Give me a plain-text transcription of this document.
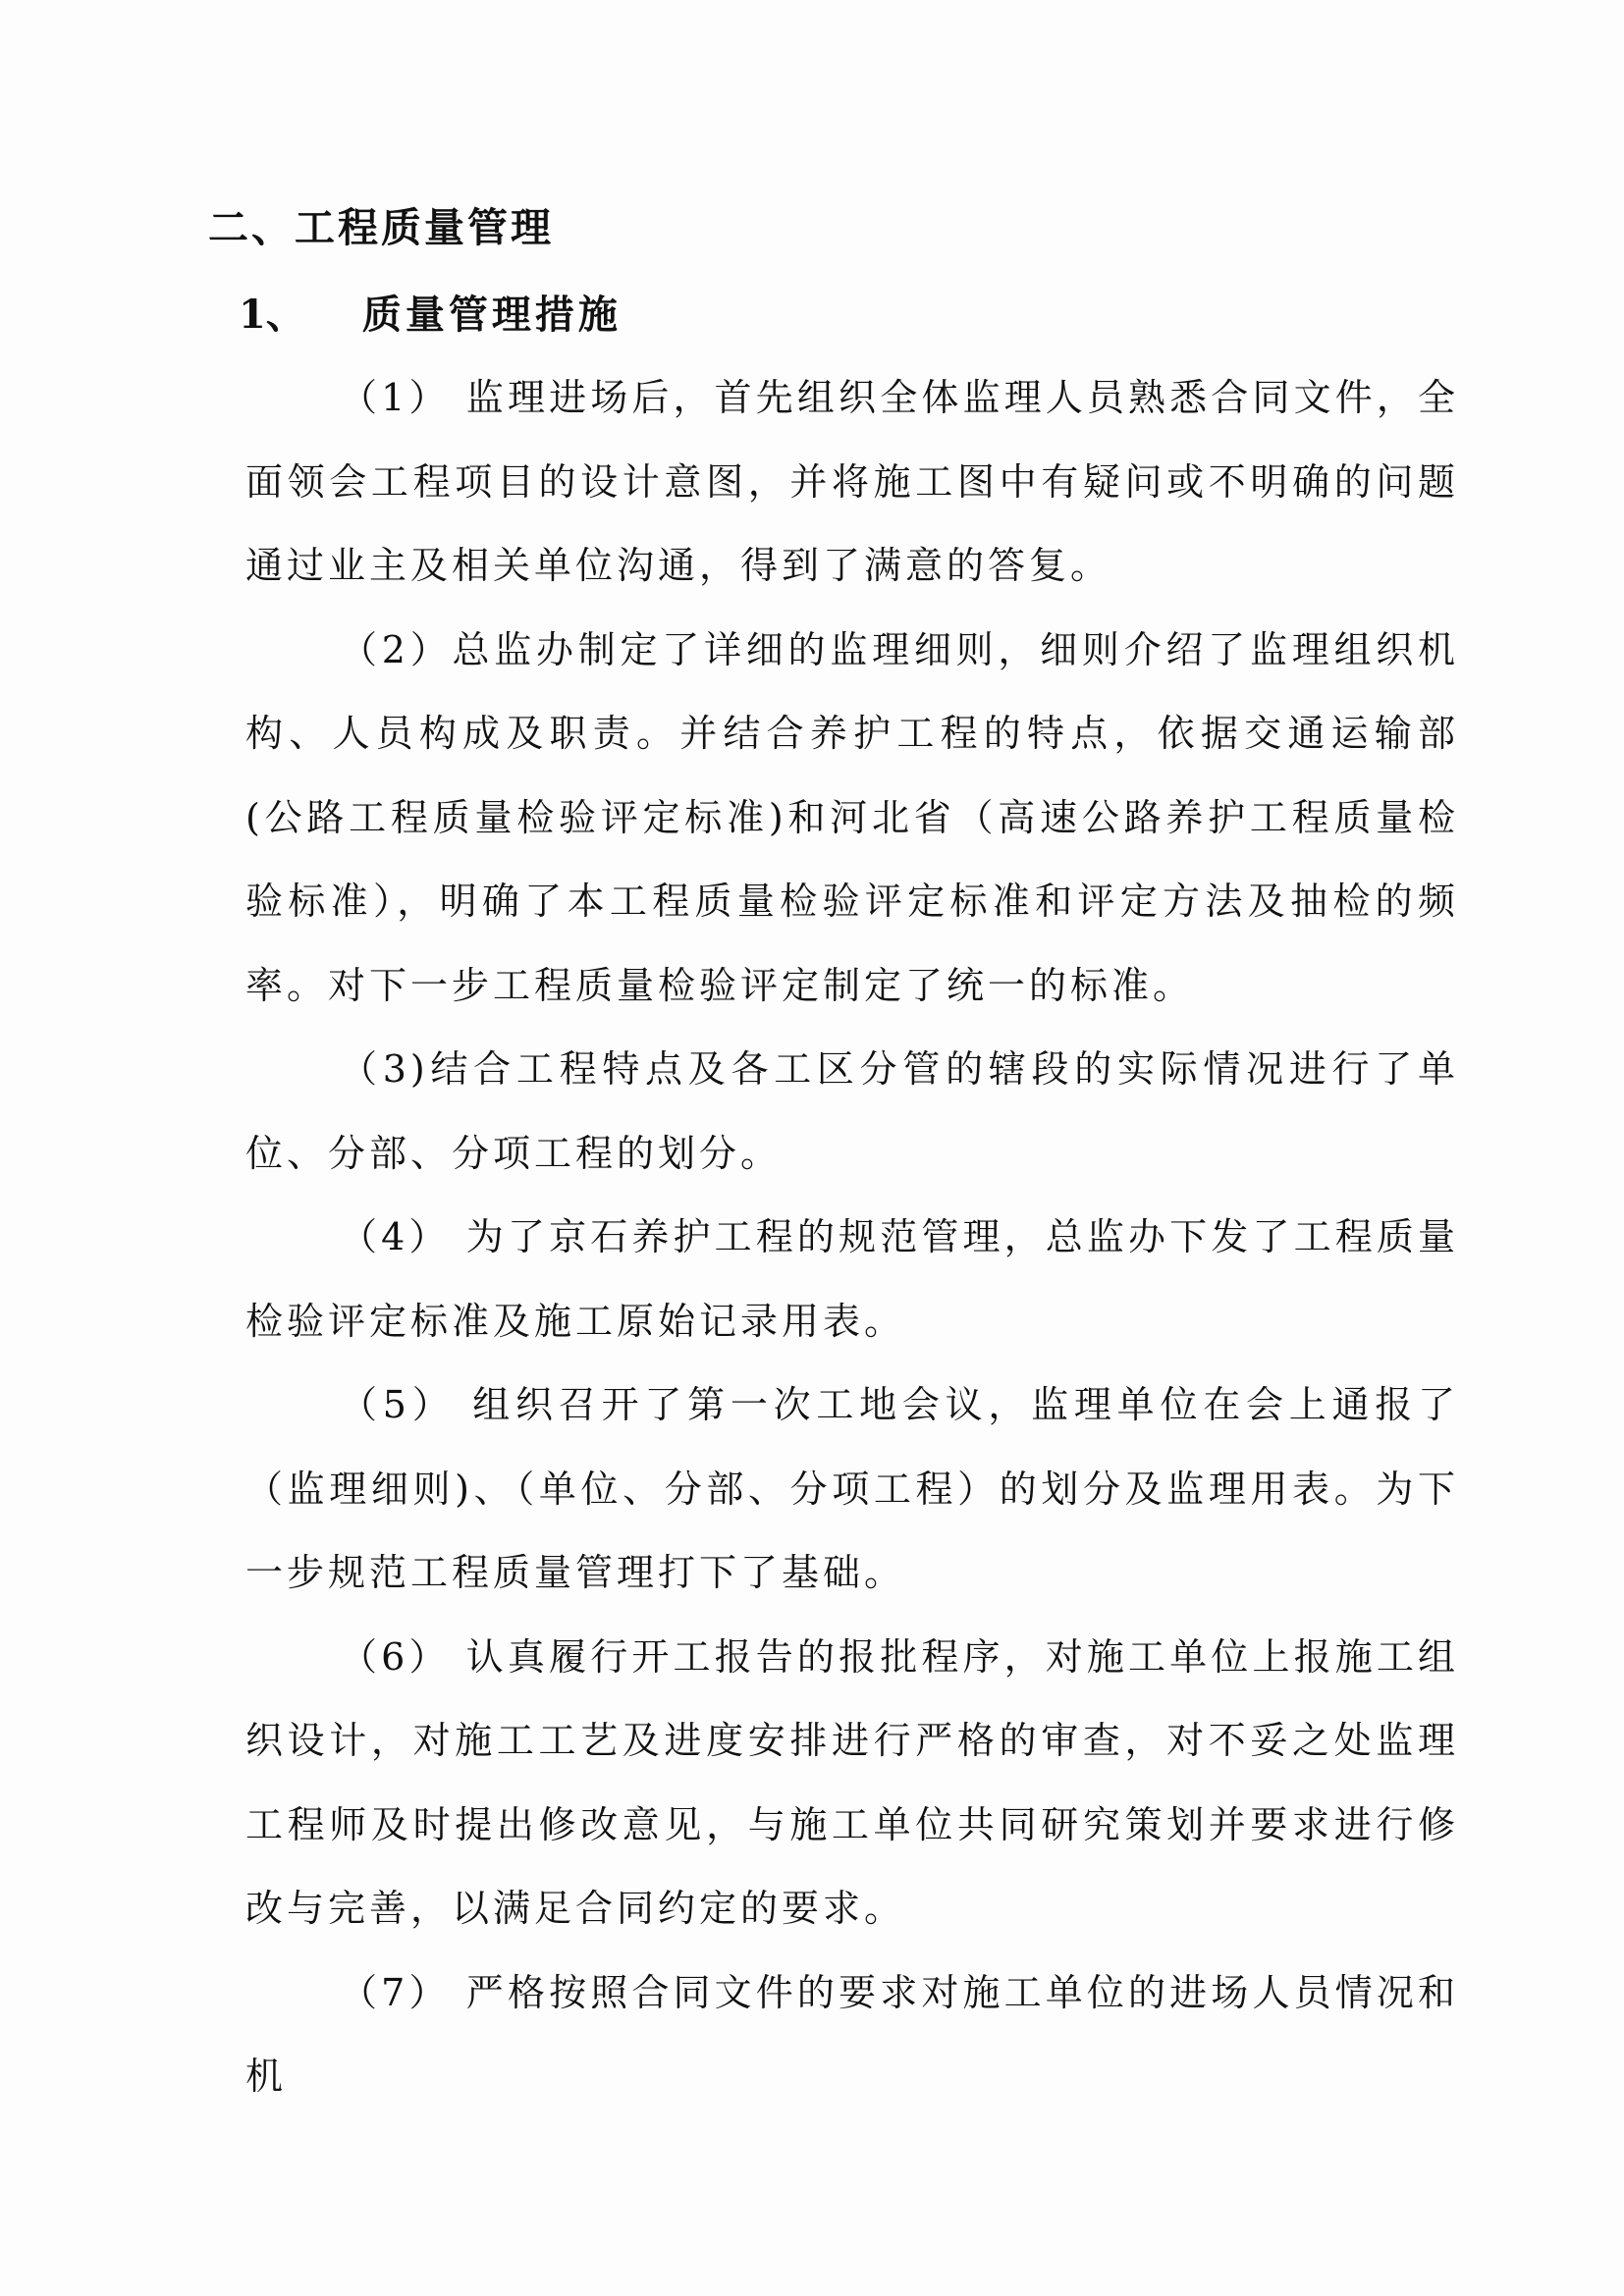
二、工程质量管理
1、 质量管理措施

（1） 监理进场后，首先组织全体监理人员熟悉合同文件，全面领会工程项目的设计意图，并将施工图中有疑问或不明确的问题通过业主及相关单位沟通，得到了满意的答复。

（2）总监办制定了详细的监理细则，细则介绍了监理组织机构、人员构成及职责。并结合养护工程的特点，依据交通运输部(公路工程质量检验评定标准)和河北省（高速公路养护工程质量检验标准），明确了本工程质量检验评定标准和评定方法及抽检的频率。对下一步工程质量检验评定制定了统一的标准。

（3)结合工程特点及各工区分管的辖段的实际情况进行了单位、分部、分项工程的划分。

（4） 为了京石养护工程的规范管理，总监办下发了工程质量检验评定标准及施工原始记录用表。

（5） 组织召开了第一次工地会议，监理单位在会上通报了（监理细则)、（单位、分部、分项工程）的划分及监理用表。为下一步规范工程质量管理打下了基础。

（6） 认真履行开工报告的报批程序，对施工单位上报施工组织设计，对施工工艺及进度安排进行严格的审查，对不妥之处监理工程师及时提出修改意见，与施工单位共同研究策划并要求进行修改与完善，以满足合同约定的要求。

（7） 严格按照合同文件的要求对施工单位的进场人员情况和机
